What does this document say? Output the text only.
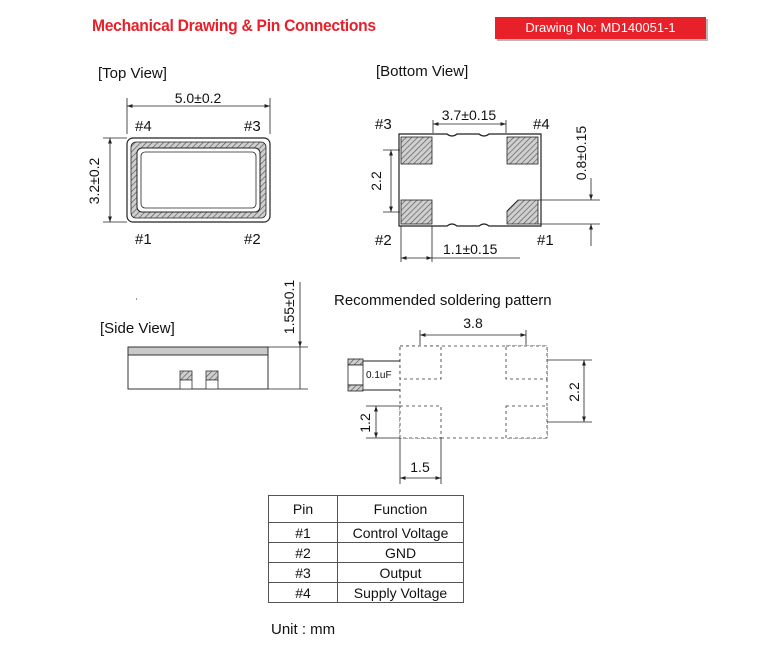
Mechanical Drawing & Pin Connections	Drawing No: MD140051-1
[Top View]
5.0±0.2
3.2±0.2
#4	#3
#1	#2
[Bottom View]
3.7±0.15
#3	#4
#2	#1
2.2
0.8±0.15
1.1±0.15
[Side View]	1.55±0.1 Recommended soldering pattern
3.8
0.1uF
2.2
1.2
1.5
Pin	Function
#1	Control Voltage
#2	GND
#3	Output
#4	Supply Voltage
Unit : mm
